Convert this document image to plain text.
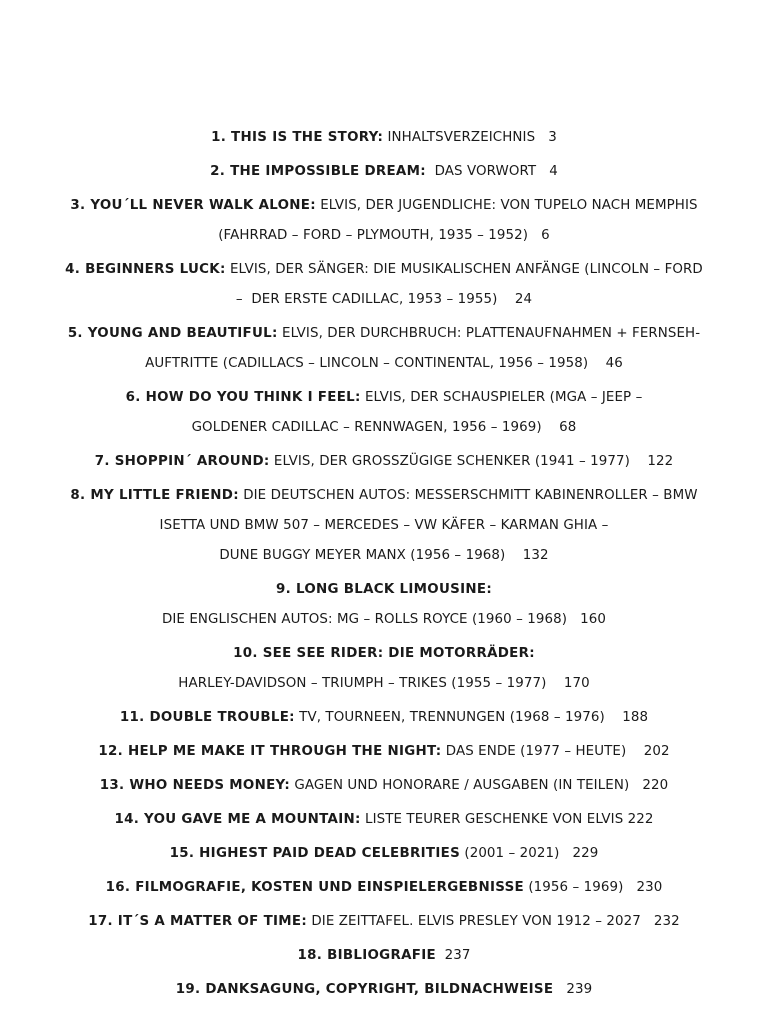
1. THIS IS THE STORY: INHALTSVERZEICHNIS   3
2. THE IMPOSSIBLE DREAM:  DAS VORWORT   4
3. YOU´LL NEVER WALK ALONE: ELVIS, DER JUGENDLICHE: VON TUPELO NACH MEMPHIS
(FAHRRAD – FORD – PLYMOUTH, 1935 – 1952)   6
4. BEGINNERS LUCK: ELVIS, DER SÄNGER: DIE MUSIKALISCHEN ANFÄNGE (LINCOLN – FORD
–  DER ERSTE CADILLAC, 1953 – 1955)    24
5. YOUNG AND BEAUTIFUL: ELVIS, DER DURCHBRUCH: PLATTENAUFNAHMEN + FERNSEH-
AUFTRITTE (CADILLACS – LINCOLN – CONTINENTAL, 1956 – 1958)    46
6. HOW DO YOU THINK I FEEL: ELVIS, DER SCHAUSPIELER (MGA – JEEP –
GOLDENER CADILLAC – RENNWAGEN, 1956 – 1969)    68
7. SHOPPIN´ AROUND: ELVIS, DER GROSSZÜGIGE SCHENKER (1941 – 1977)    122
8. MY LITTLE FRIEND: DIE DEUTSCHEN AUTOS: MESSERSCHMITT KABINENROLLER – BMW
ISETTA UND BMW 507 – MERCEDES – VW KÄFER – KARMAN GHIA –
DUNE BUGGY MEYER MANX (1956 – 1968)    132
9. LONG BLACK LIMOUSINE:
DIE ENGLISCHEN AUTOS: MG – ROLLS ROYCE (1960 – 1968)   160
10. SEE SEE RIDER: DIE MOTORRÄDER:
HARLEY-DAVIDSON – TRIUMPH – TRIKES (1955 – 1977)    170
11. DOUBLE TROUBLE: TV, TOURNEEN, TRENNUNGEN (1968 – 1976)    188
12. HELP ME MAKE IT THROUGH THE NIGHT: DAS ENDE (1977 – HEUTE)    202
13. WHO NEEDS MONEY: GAGEN UND HONORARE / AUSGABEN (IN TEILEN)   220
14. YOU GAVE ME A MOUNTAIN: LISTE TEURER GESCHENKE VON ELVIS 222
15. HIGHEST PAID DEAD CELEBRITIES (2001 – 2021)   229
16. FILMOGRAFIE, KOSTEN UND EINSPIELERGEBNISSE (1956 – 1969)   230
17. IT´S A MATTER OF TIME: DIE ZEITTAFEL. ELVIS PRESLEY VON 1912 – 2027   232
18. BIBLIOGRAFIE  237
19. DANKSAGUNG, COPYRIGHT, BILDNACHWEISE   239
